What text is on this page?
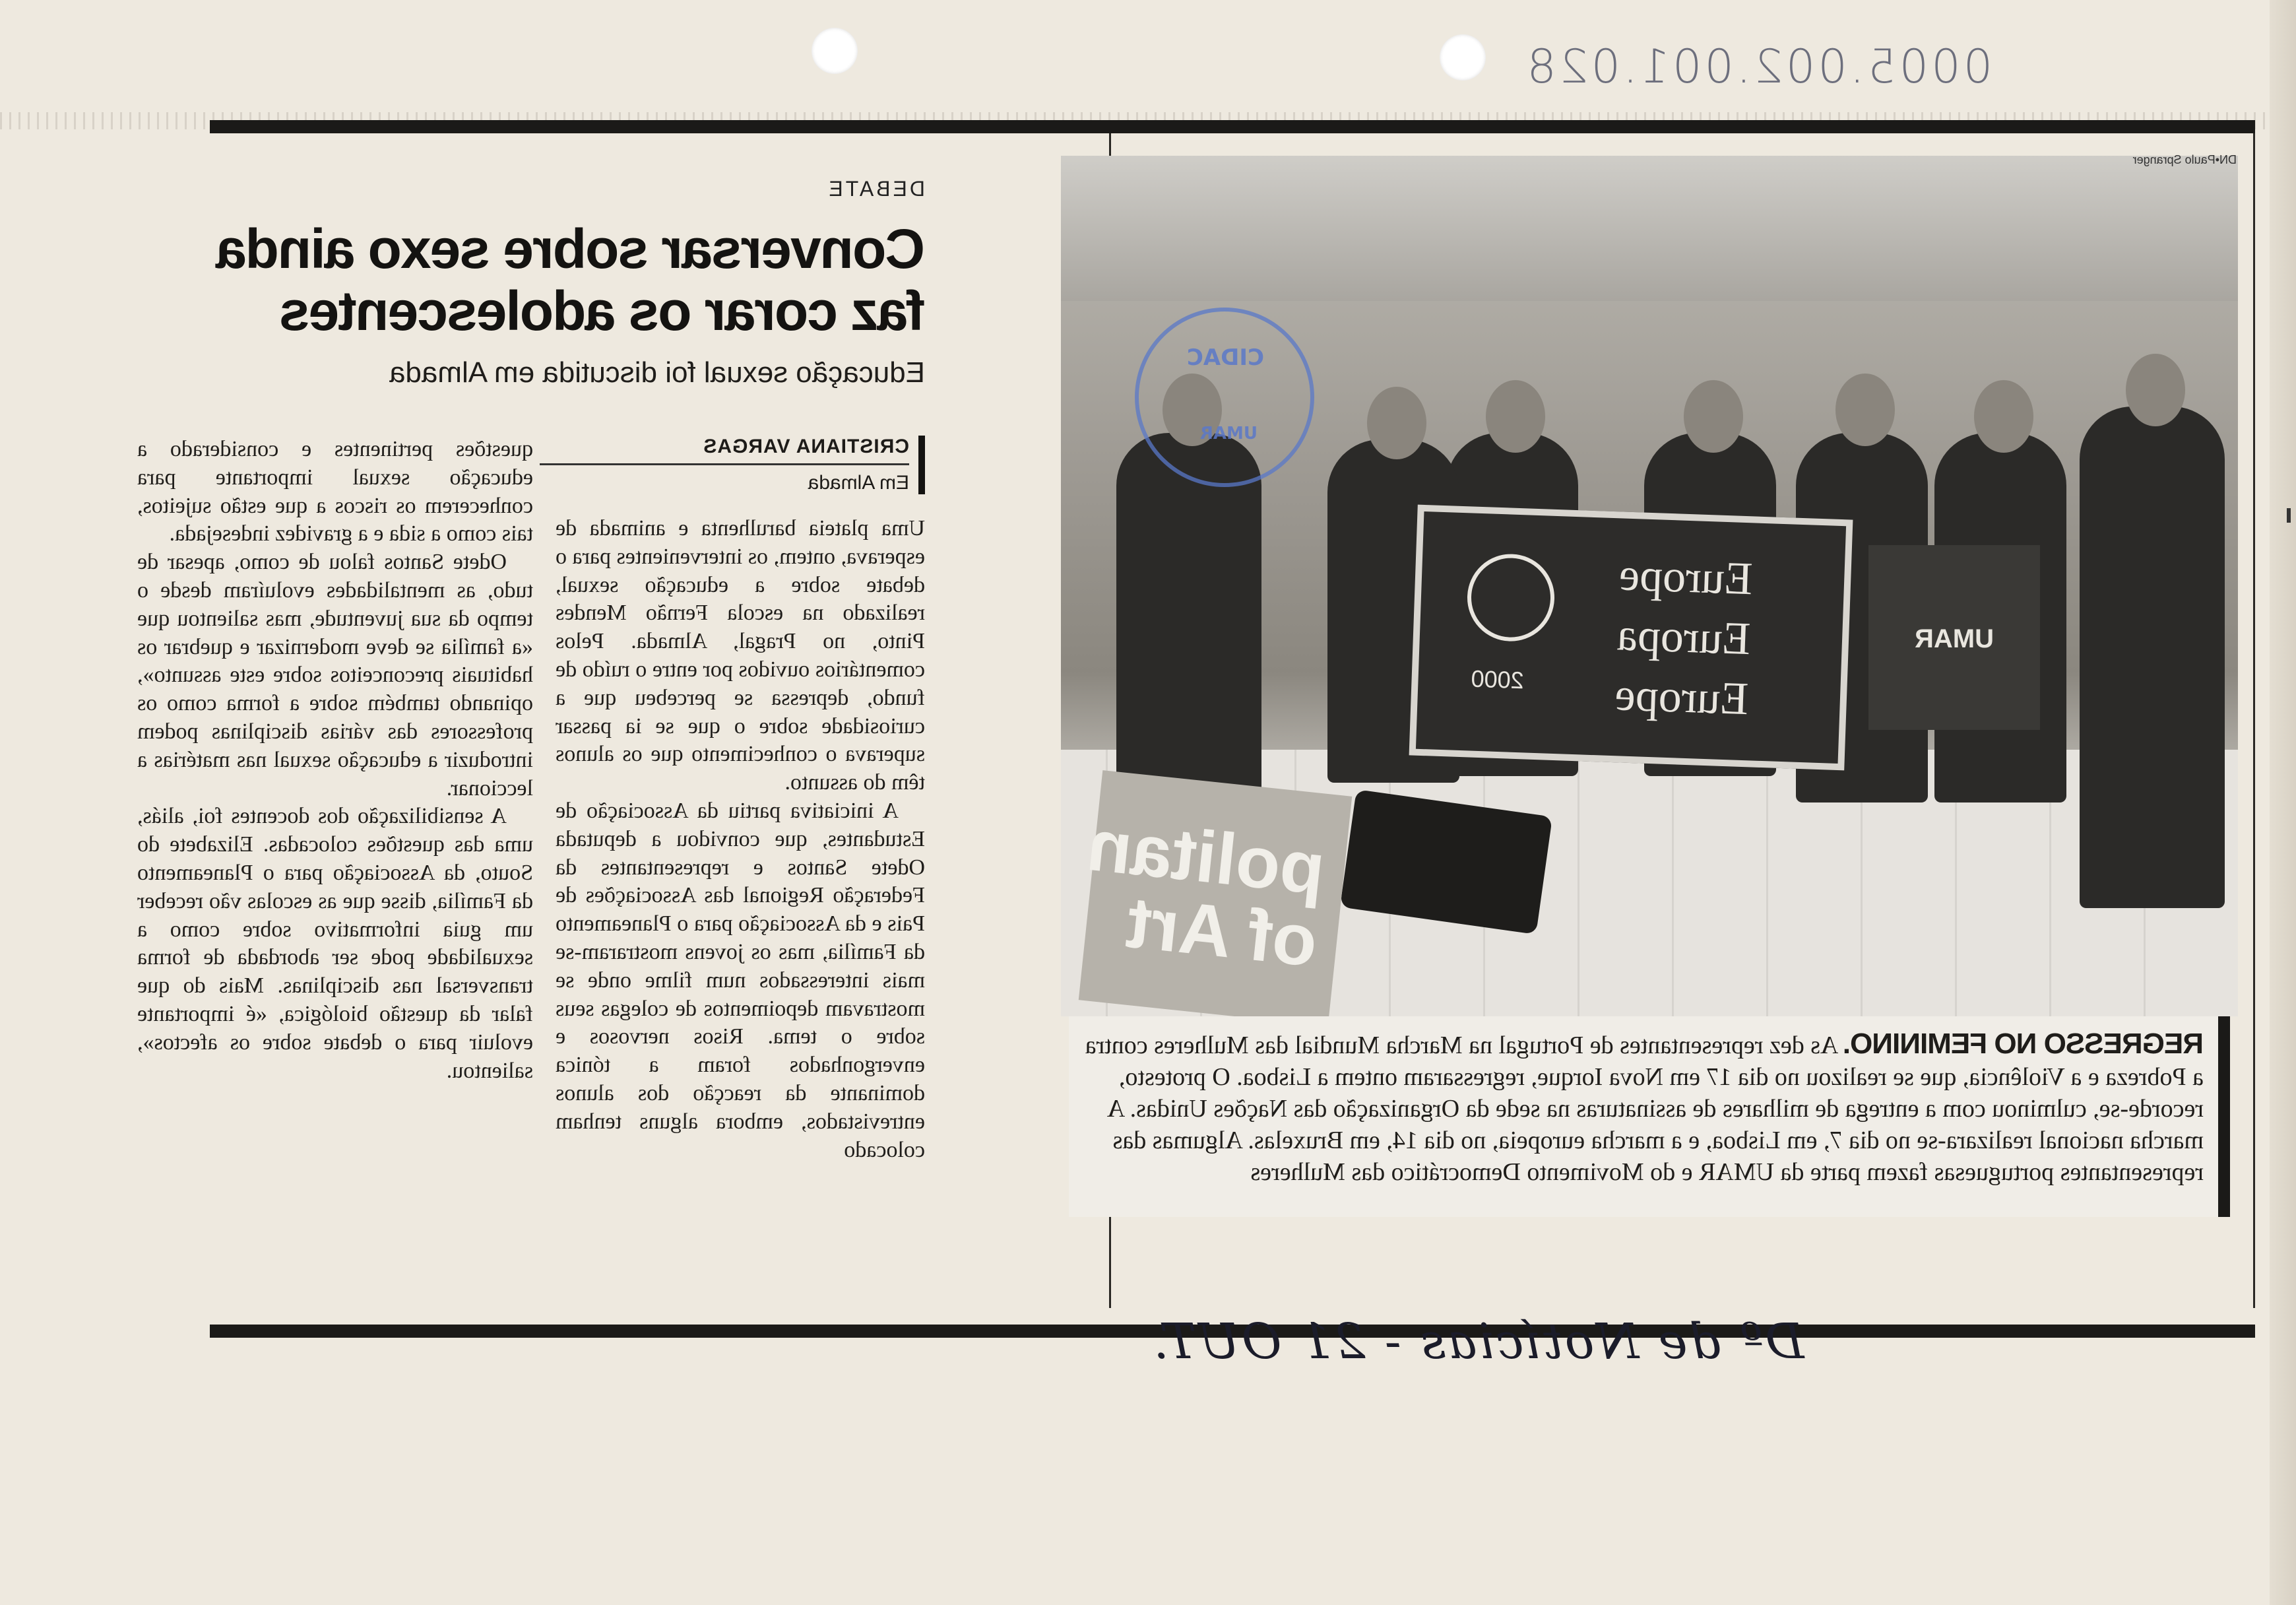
0005.002.001.028
Europe
Europa
Europe
2000
UMAR
politan of Art
CIDAC
UMAR
DN•Paulo Spranger
REGRESSO NO FEMININO. As dez representantes de Portugal na Marcha Mundial das Mulheres contra a Pobreza e a Violência, que se realizou no dia 17 em Nova Iorque, regressaram ontem a Lisboa. O protesto, recorde-se, culminou com a entrega de milhares de assinaturas na sede da Organização das Nações Unidas. A marcha nacional realizara-se no dia 7, em Lisboa, e a marcha europeia, no dia 14, em Bruxelas. Algumas das representantes portuguesas fazem parte da UMAR e do Movimento Democrático das Mulheres
DEBATE
Conversar sobre sexo ainda faz corar os adolescentes
Educação sexual foi discutida em Almada
CRISTIANA VARGAS
Em Almada

Uma plateia barulhenta e animada de esperava, ontem, os intervenientes para o debate sobre a educação sexual, realizado na escola Fernão Mendes Pinto, no Pragal, Almada. Pelos comentários ouvidos por entre o ruído de fundo, depressa se percebeu que a curiosidade sobre o que se ia passar superava o conhecimento que os alunos têm do assunto.

A iniciativa partiu da Associação de Estudantes, que convidou a deputada Odete Santos e representantes da Federação Regional das Associações de Pais e da Associação para o Planeamento da Família, mas os jovens mostraram-se mais interessados num filme onde se mostravam depoimentos de colegas seus sobre o tema. Risos nervosos e envergonhados foram a tónica dominante da reacção dos alunos entrevistados, embora alguns tenham colocado

questões pertinentes e considerado a educação sexual importante para conhecerem os riscos a que estão sujeitos, tais como a sida e a gravidez indesejada.

Odete Santos falou de como, apesar de tudo, as mentalidades evoluíram desde o tempo da sua juventude, mas salientou que «a família se deve modernizar e quebrar os habituais preconceitos sobre este assunto», opinando também sobre a forma como os professores das várias disciplinas podem introduzir a educação sexual nas matérias a leccionar.

A sensibilização dos docentes foi, aliás, uma das questões colocadas. Elizabete do Souto, da Associação para o Planeamento da Família, disse que as escolas vão receber um guia informativo sobre como a sexualidade pode ser abordada de forma transversal nas disciplinas. Mais do que falar da questão biológica, «é importante evoluir para o debate sobre os afectos», salientou.

Dº de Notícias - 21 OUT.
